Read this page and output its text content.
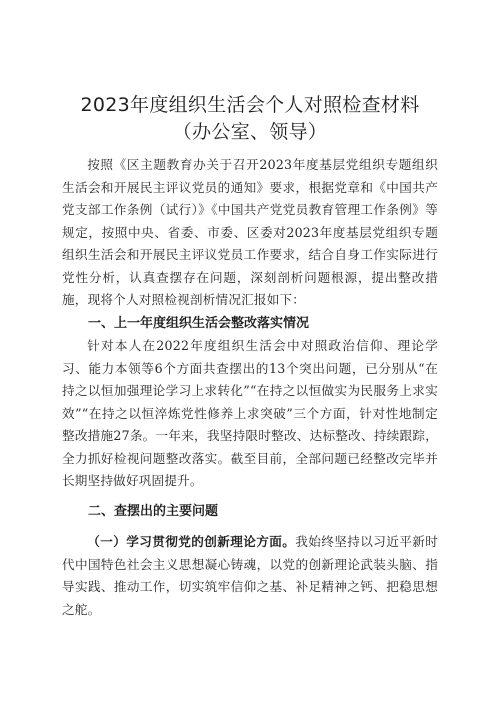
2023年度组织生活会个人对照检查材料（办公室、领导）

按照《区主题教育办关于召开2023年度基层党组织专题组织生活会和开展民主评议党员的通知》要求，根据党章和《中国共产党支部工作条例（试行）》《中国共产党党员教育管理工作条例》等规定，按照中央、省委、市委、区委对2023年度基层党组织专题组织生活会和开展民主评议党员工作要求，结合自身工作实际进行党性分析，认真查摆存在问题，深刻剖析问题根源，提出整改措施，现将个人对照检视剖析情况汇报如下：

一、上一年度组织生活会整改落实情况

针对本人在2022年度组织生活会中对照政治信仰、理论学习、能力本领等6个方面共查摆出的13个突出问题，已分别从“在持之以恒加强理论学习上求转化”“在持之以恒做实为民服务上求实效”“在持之以恒淬炼党性修养上求突破”三个方面，针对性地制定整改措施27条。一年来，我坚持限时整改、达标整改、持续跟踪，全力抓好检视问题整改落实。截至目前，全部问题已经整改完毕并长期坚持做好巩固提升。

二、查摆出的主要问题

（一）学习贯彻党的创新理论方面。我始终坚持以习近平新时代中国特色社会主义思想凝心铸魂，以党的创新理论武装头脑、指导实践、推动工作，切实筑牢信仰之基、补足精神之钙、把稳思想之舵。
